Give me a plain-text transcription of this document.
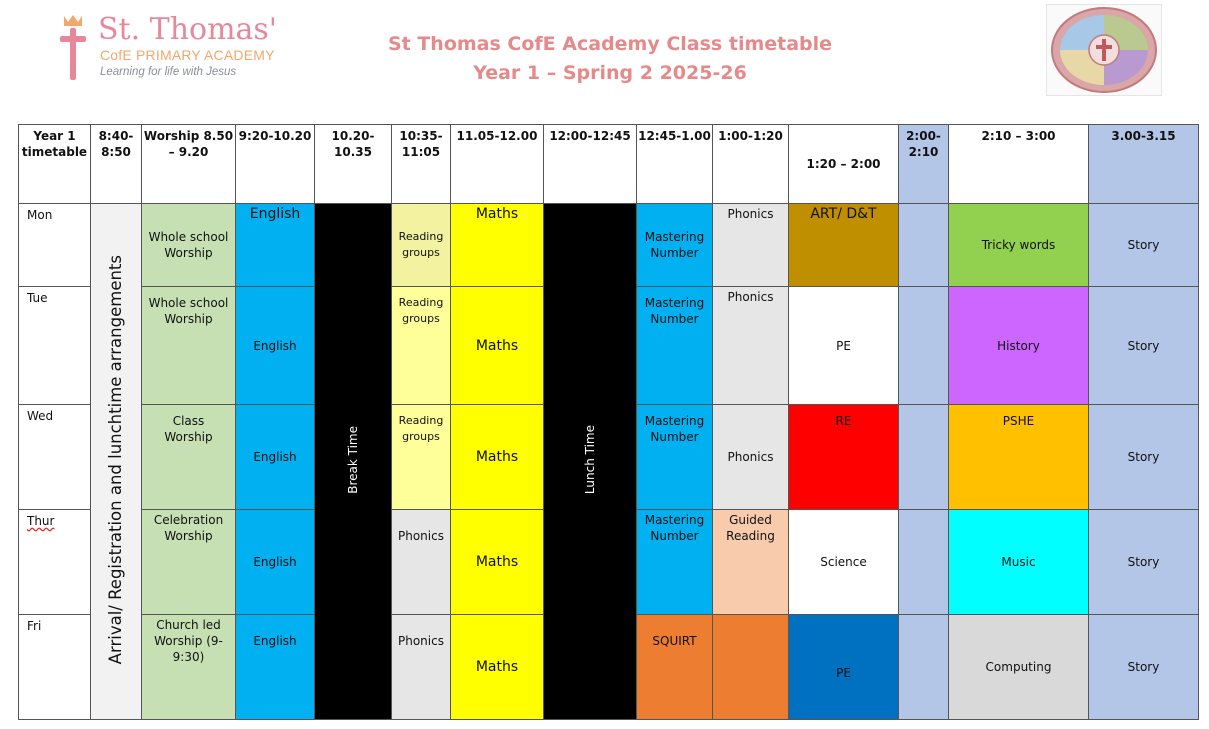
St. Thomas'
CofE PRIMARY ACADEMY
Learning for life with Jesus
St Thomas CofE Academy Class timetable
Year 1 – Spring 2 2025-26
Year 1 timetable	8:40-8:50	Worship 8.50 – 9.20	9:20-10.20	10.20-10.35	10:35-11:05	11.05-12.00	12:00-12:45	12:45-1.00	1:00-1:20	1:20 – 2:00	2:00-2:10	2:10 – 3:00	3.00-3.15
Mon	Arrival/ Registration and lunchtime arrangements	Whole school Worship	English	Break Time	Reading groups	Maths	Lunch Time	Mastering Number	Phonics	ART/ D&T		Tricky words	Story
Tue		Whole school Worship	English		Reading groups	Maths		Mastering Number	Phonics	PE		History	Story
Wed		Class Worship	English		Reading groups	Maths		Mastering Number	Phonics	RE		PSHE	Story
Thur		Celebration Worship	English		Phonics	Maths		Mastering Number	Guided Reading	Science		Music	Story
Fri		Church led Worship (9-9:30)	English		Phonics	Maths		SQUIRT		PE		Computing	Story
